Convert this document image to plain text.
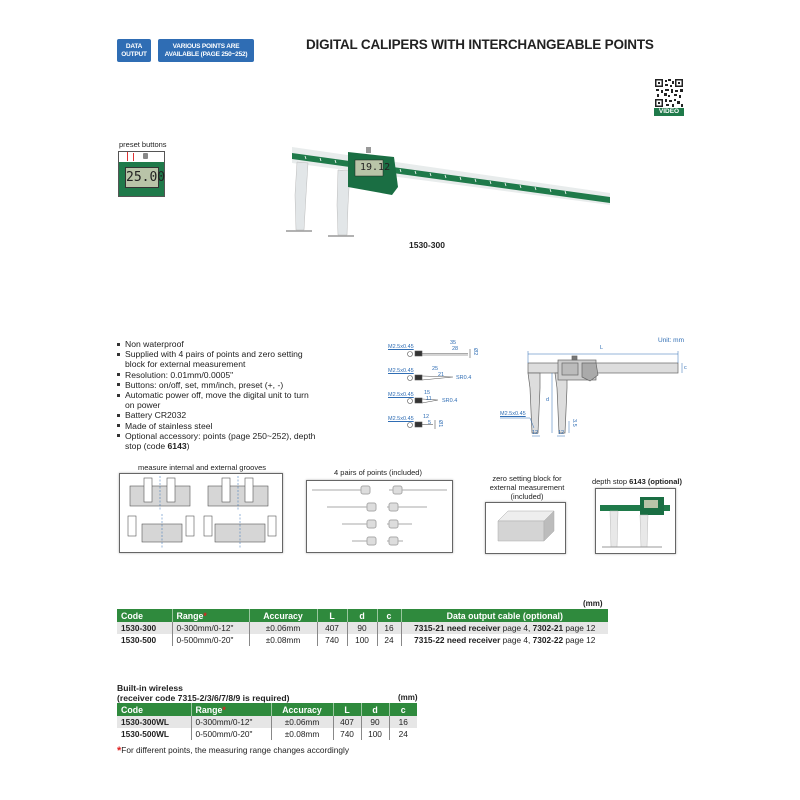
DATA OUTPUT
VARIOUS POINTS ARE AVAILABLE (PAGE 250~252)
DIGITAL CALIPERS WITH INTERCHANGEABLE POINTS
VIDEO
preset buttons
25.00
19.12
1530-300
Non waterproof
Supplied with 4 pairs of points and zero setting block for external measurement
Resolution: 0.01mm/0.0005"
Buttons: on/off, set, mm/inch, preset (+, -)
Automatic power off, move the digital unit to turn on power
Battery CR2032
Made of stainless steel
Optional accessory: points (page 250~252), depth stop (code 6143)
M2.5x0.45
35
28	Ø2
M2.5x0.45	25
21 SR0.4
M2.5x0.45 15
11 SR0.4
M2.5x0.45 12
5 Ø1
Unit: mm
L
c
d
M2.5x0.45
12	12
3.5
measure internal and external grooves
4 pairs of points (included)
zero setting block for external measurement (included)
depth stop 6143 (optional)
(mm)
Code	Range*	Accuracy	L	d	c	Data output cable (optional)
1530-300	0-300mm/0-12"	±0.06mm	407	90	16	7315-21 need receiver page 4, 7302-21 page 12
1530-500	0-500mm/0-20"	±0.08mm	740	100	24	7315-22 need receiver page 4, 7302-22 page 12
Built-in wireless
(receiver code 7315-2/3/6/7/8/9 is required)	(mm)
Code	Range*	Accuracy	L	d	c
1530-300WL	0-300mm/0-12"	±0.06mm	407	90	16
1530-500WL	0-500mm/0-20"	±0.08mm	740	100	24
*For different points, the measuring range changes accordingly
